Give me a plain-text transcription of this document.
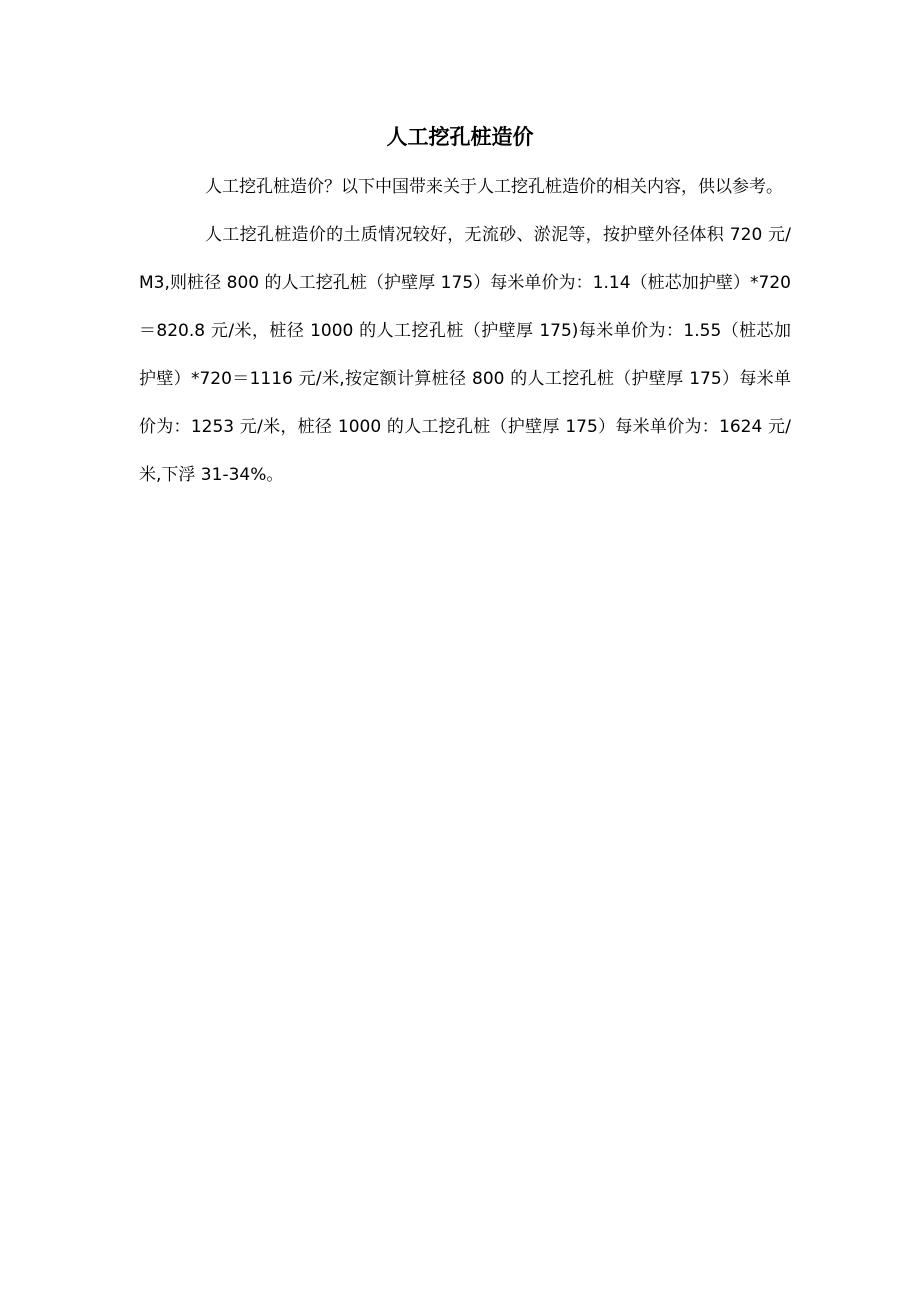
人工挖孔桩造价

人工挖孔桩造价？以下中国带来关于人工挖孔桩造价的相关内容，供以参考。

人工挖孔桩造价的土质情况较好，无流砂、淤泥等，按护壁外径体积 720 元/M3,则桩径 800 的人工挖孔桩（护壁厚 175）每米单价为：1.14（桩芯加护壁）*720＝820.8 元/米，桩径 1000 的人工挖孔桩（护壁厚 175)每米单价为：1.55（桩芯加护壁）*720＝1116 元/米,按定额计算桩径 800 的人工挖孔桩（护壁厚 175）每米单价为：1253 元/米，桩径 1000 的人工挖孔桩（护壁厚 175）每米单价为：1624 元/米,下浮 31-34%。
